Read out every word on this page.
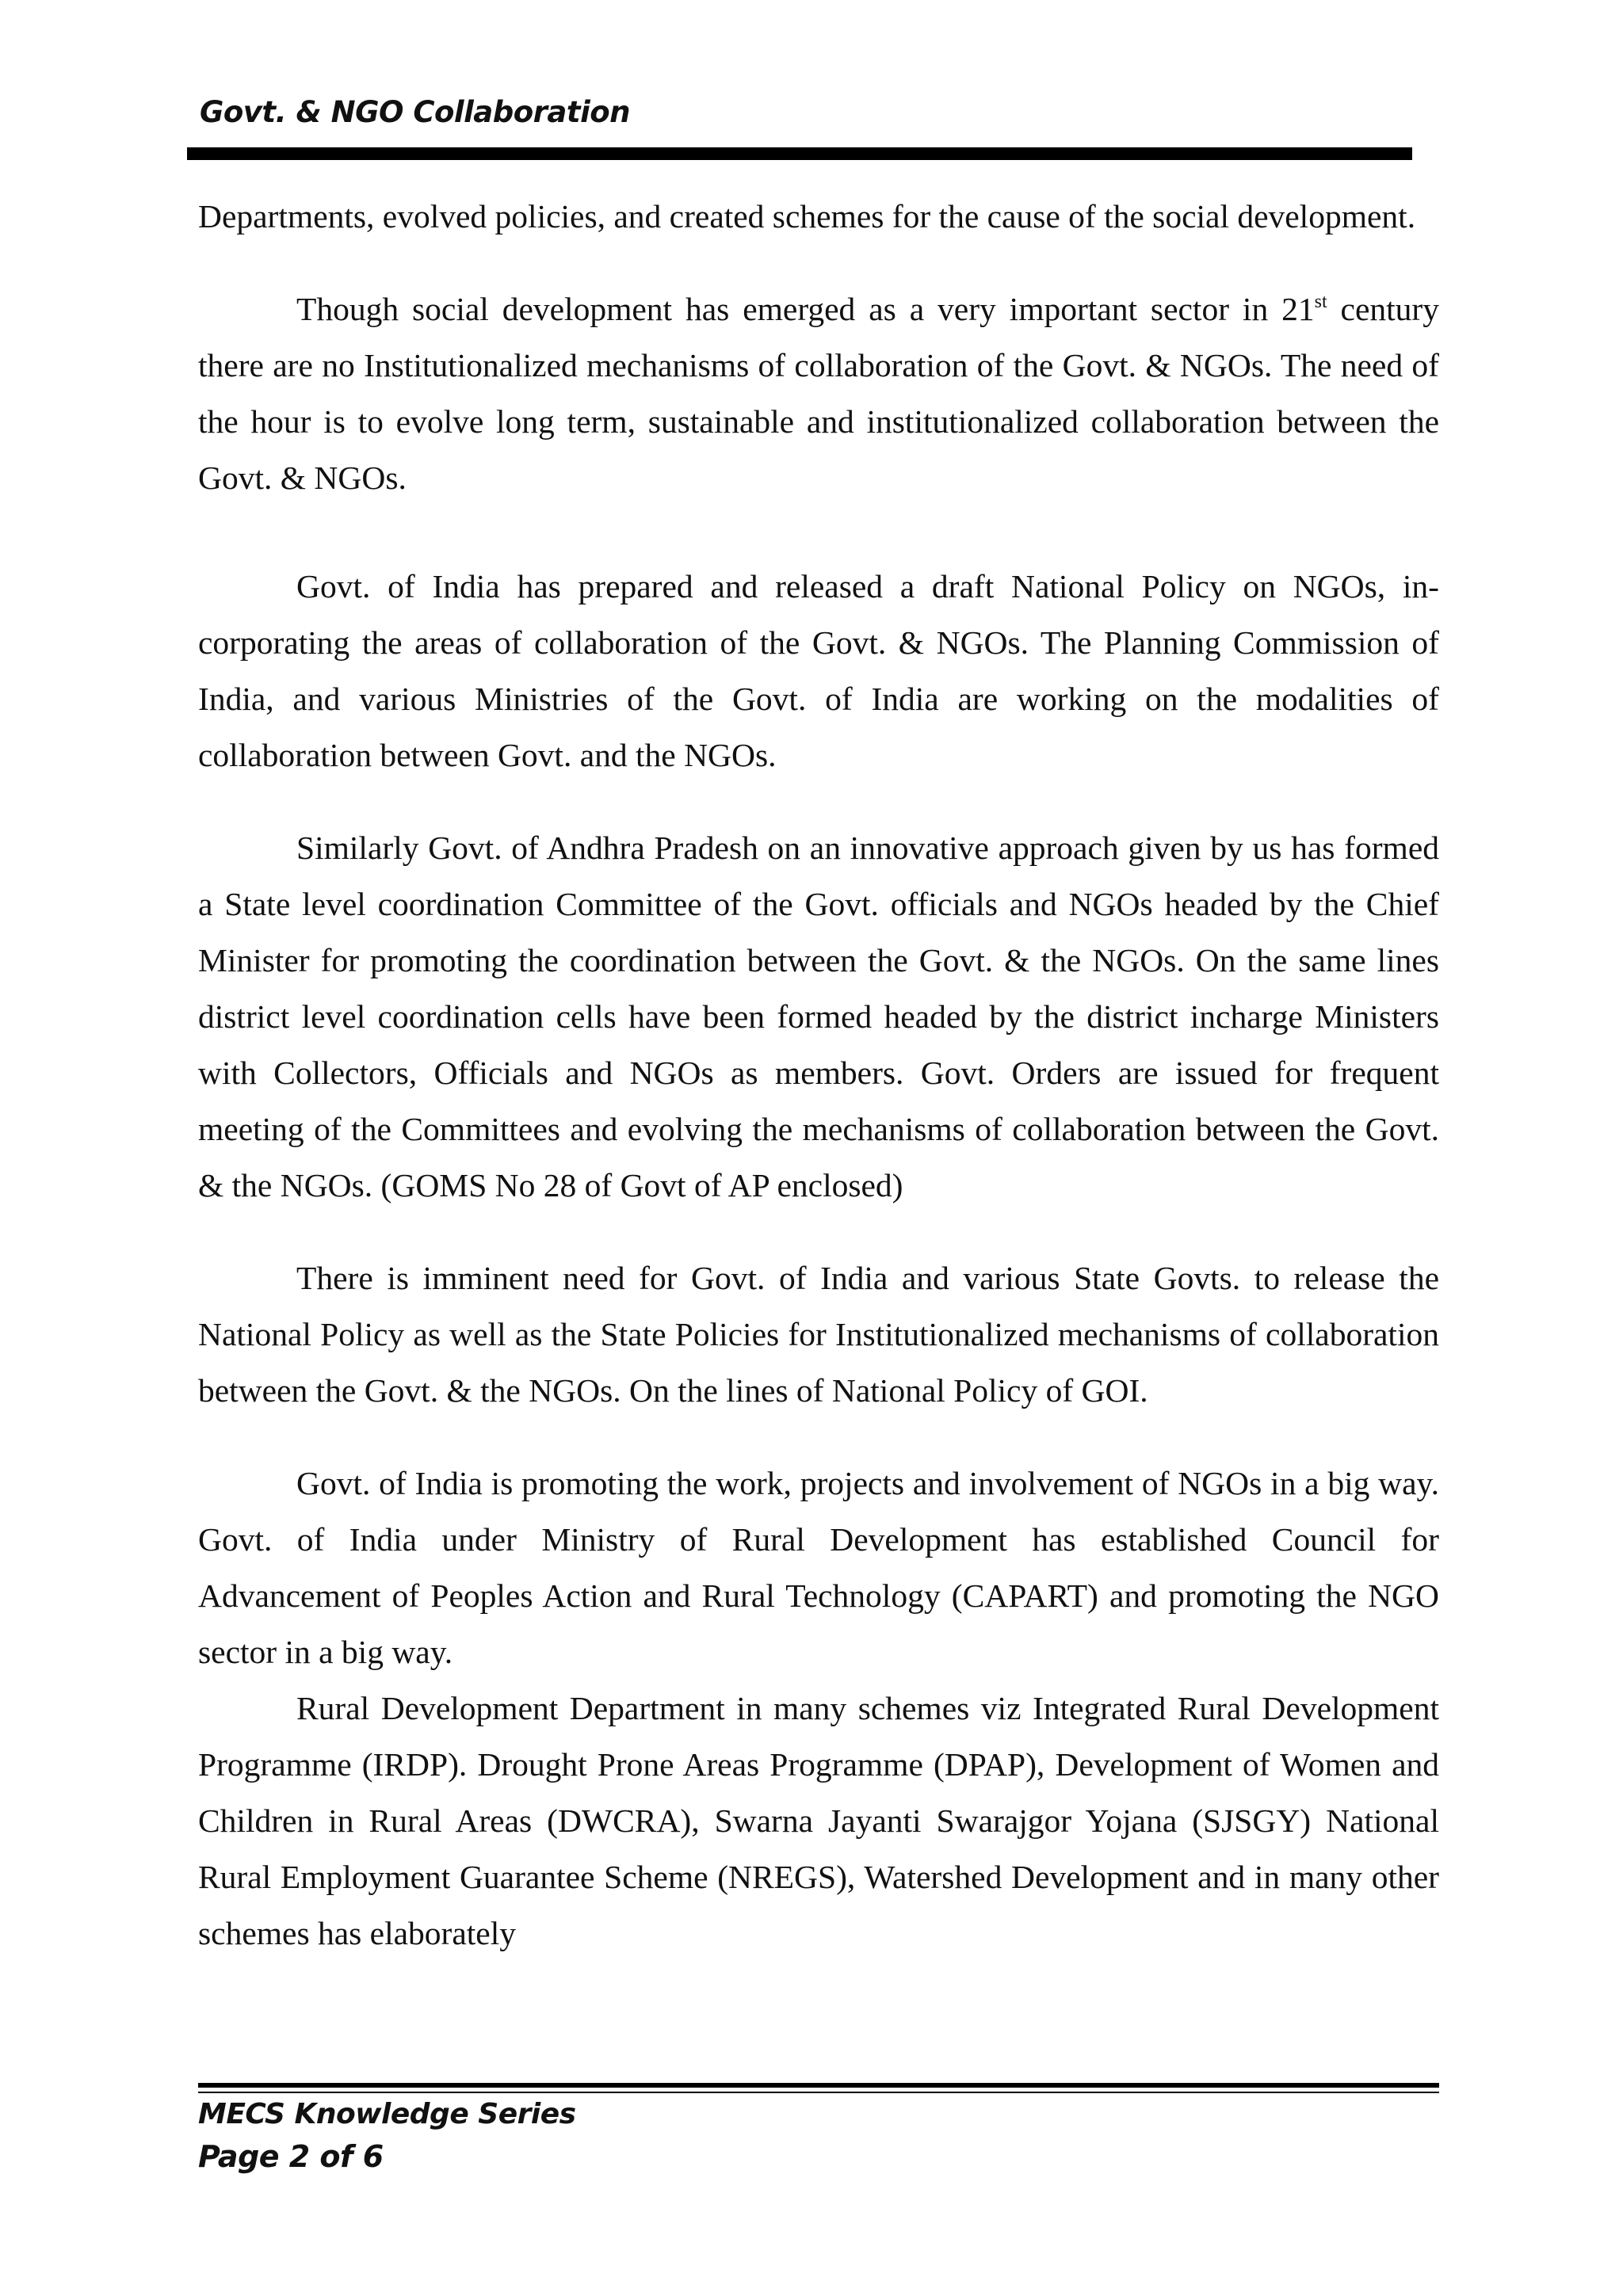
Govt. & NGO Collaboration

Departments, evolved policies, and created schemes for the cause of the social development.

Though social development has emerged as a very important sector in 21st century there are no Institutionalized mechanisms of collaboration of the Govt. & NGOs. The need of the hour is to evolve long term, sustainable and institutionalized collaboration between the Govt. & NGOs.

Govt. of India has prepared and released a draft National Policy on NGOs, in-corporating the areas of collaboration of the Govt. & NGOs. The Planning Commission of India, and various Ministries of the Govt. of India are working on the modalities of collaboration between Govt. and the NGOs.

Similarly Govt. of Andhra Pradesh on an innovative approach given by us has formed a State level coordination Committee of the Govt. officials and NGOs headed by the Chief Minister for promoting the coordination between the Govt. & the NGOs. On the same lines district level coordination cells have been formed headed by the district incharge Ministers with Collectors, Officials and NGOs as members. Govt. Orders are issued for frequent meeting of the Committees and evolving the mechanisms of collaboration between the Govt. & the NGOs. (GOMS No 28 of Govt of AP enclosed)

There is imminent need for Govt. of India and various State Govts. to release the National Policy as well as the State Policies for Institutionalized mechanisms of collaboration between the Govt. & the NGOs. On the lines of National Policy of GOI.

Govt. of India is promoting the work, projects and involvement of NGOs in a big way. Govt. of India under Ministry of Rural Development has established Council for Advancement of Peoples Action and Rural Technology (CAPART) and promoting the NGO sector in a big way.

Rural Development Department in many schemes viz Integrated Rural Development Programme (IRDP). Drought Prone Areas Programme (DPAP), Development of Women and Children in Rural Areas (DWCRA), Swarna Jayanti Swarajgor Yojana (SJSGY) National Rural Employment Guarantee Scheme (NREGS), Watershed Development and in many other schemes has elaborately

MECS Knowledge Series
Page 2 of 6
